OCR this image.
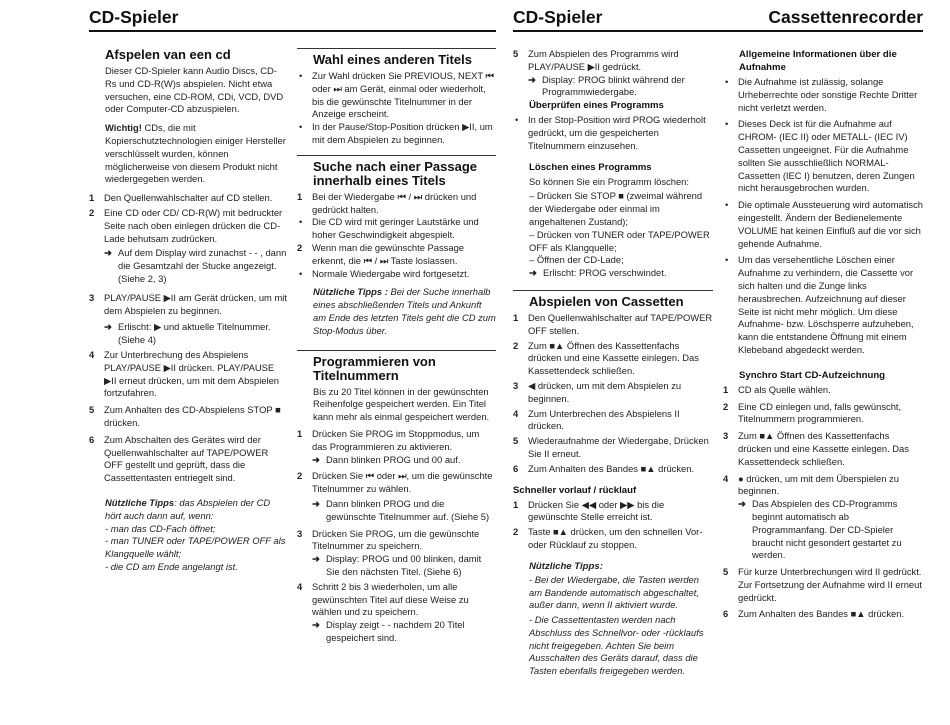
CD-Spieler	CD-Spieler	Cassettenrecorder
Afspelen van een cd

Dieser CD-Spieler kann Audio Discs, CD-Rs und CD-R(W)s abspielen. Nicht etwa versuchen, eine CD-ROM, CDi, VCD, DVD oder Computer-CD abzuspielen.

Wichtig! CDs, die mit Kopierschutztechnologien einiger Hersteller verschlüsselt wurden, können möglicherweise von diesem Produkt nicht wiedergegeben werden.

1 Den Quellenwahlschalter auf CD stellen.
2 Eine CD oder CD/ CD-R(W) mit bedruckter Seite nach oben einlegen drücken die CD-Lade behutsam zudrücken.
➜ Auf dem Display wird zunachst - - , dann die Gesamtzahl der Stucke angezeigt.(Siehe 2, 3)
3 PLAY/PAUSE ▶II am Gerät drücken, um mit dem Abspielen zu beginnen.
➜ Erlischt: ▶ und aktuelle Titelnummer.(Siehe 4)
4 Zur Unterbrechung des Abspielens PLAY/PAUSE ▶II drücken. PLAY/PAUSE ▶II erneut drücken, um mit dem Abspielen fortzufahren.
5 Zum Anhalten des CD-Abspielens STOP ■ drücken.
6 Zum Abschalten des Gerätes wird der Quellenwahlschalter auf TAPE/POWER OFF gestellt und geprüft, dass die Cassettentasten entriegelt sind.

Nützliche Tipps: das Abspielen der CD hört auch dann auf, wenn:

- man das CD-Fach öffnet;

- man TUNER oder TAPE/POWER OFF als Klangquelle wählt;

- die CD am Ende angelangt ist.

Wahl eines anderen Titels
• Zur Wahl drücken Sie PREVIOUS, NEXT ⏮ oder ⏭ am Gerät, einmal oder wiederholt, bis die gewünschte Titelnummer in der Anzeige erscheint.
• In der Pause/Stop-Position drücken ▶II, um mit dem Abspielen zu beginnen.
Suche nach einer Passage innerhalb eines Titels
1 Bei der Wiedergabe ⏮ / ⏭ drücken und gedrückt halten.
• Die CD wird mit geringer Lautstärke und hoher Geschwindigkeit abgespielt.
2 Wenn man die gewünschte Passage erkennt, die ⏮ / ⏭ Taste loslassen.
• Normale Wiedergabe wird fortgesetzt.

Nützliche Tipps : Bei der Suche innerhalb eines abschließenden Titels und Ankunft am Ende des letzten Titels geht die CD zum Stop-Modus über.

Programmieren von Titelnummern

Bis zu 20 Titel können in der gewünschten Reihenfolge gespeichert werden. Ein Titel kann mehr als einmal gespeichert werden.

1 Drücken Sie PROG im Stoppmodus, um das Programmieren zu aktivieren.
➜ Dann blinken PROG und 00 auf.
2 Drücken Sie ⏮ oder ⏭, um die gewünschte Titelnummer zu wählen.
➜ Dann blinken PROG und die gewünschte Titelnummer auf. (Siehe 5)
3 Drücken Sie PROG, um die gewünschte Titelnummer zu speichern.
➜ Display: PROG und 00 blinken, damit Sie den nächsten Titel. (Siehe 6)
4 Schritt 2 bis 3 wiederholen, um alle gewünschten Titel auf diese Weise zu wählen und zu speichern.
➜ Display zeigt - - nachdem 20 Titel gespeichert sind.
5 Zum Abspielen des Programms wird PLAY/PAUSE ▶II gedrückt.
➜ Display: PROG blinkt während der Programmwiedergabe.
Überprüfen eines Programms
• In der Stop-Position wird PROG wiederholt gedrückt, um die gespeicherten Titelnummern einzusehen.
Löschen eines Programms

So können Sie ein Programm löschen:

– Drücken Sie STOP ■ (zweimal während der Wiedergabe oder einmal im angehaltenen Zustand);

– Drücken von TUNER oder TAPE/POWER OFF als Klangquelle;

– Öffnen der CD-Lade;

➜ Erlischt: PROG verschwindet.
Abspielen von Cassetten
1 Den Quellenwahlschalter auf TAPE/POWER OFF stellen.
2 Zum ■▲ Öffnen des Kassettenfachs drücken und eine Kassette einlegen. Das Kassettendeck schließen.
3 ◀ drücken, um mit dem Abspielen zu beginnen.
4 Zum Unterbrechen des Abspielens II drücken.
5 Wiederaufnahme der Wiedergabe, Drücken Sie II erneut.
6 Zum Anhalten des Bandes ■▲ drücken.
Schneller vorlauf / rücklauf
1 Drücken Sie ◀◀ oder ▶▶ bis die gewünschte Stelle erreicht ist.
2 Taste ■▲ drücken, um den schnellen Vor- oder Rücklauf zu stoppen.
Nützliche Tipps:

- Bei der Wiedergabe, die Tasten werden am Bandende automatisch abgeschaltet, außer dann, wenn II aktiviert wurde.

- Die Cassettentasten werden nach Abschluss des Schnellvor- oder -rücklaufs nicht freigegeben. Achten Sie beim Ausschalten des Geräts darauf, dass die Tasten ebenfalls freigegeben werden.

Allgemeine Informationen über die Aufnahme
• Die Aufnahme ist zulässig, solange Urheberrechte oder sonstige Rechte Dritter nicht verletzt werden.
• Dieses Deck ist für die Aufnahme auf CHROM- (IEC II) oder METALL- (IEC IV) Cassetten ungeeignet. Für die Aufnahme sollten Sie ausschließlich NORMAL-Cassetten (IEC I) benutzen, deren Zungen nicht herausgebrochen wurden.
• Die optimale Aussteuerung wird automatisch eingestellt. Ändern der Bedienelemente VOLUME hat keinen Einfluß auf die vor sich gehende Aufnahme.
• Um das versehentliche Löschen einer Aufnahme zu verhindern, die Cassette vor sich halten und die Zunge links herausbrechen. Aufzeichnung auf dieser Seite ist nicht mehr möglich. Um diese Aufnahme- bzw. Löschsperre aufzuheben, kann die entstandene Öffnung mit einem Klebeband abgedeckt werden.
Synchro Start CD-Aufzeichnung
1 CD als Quelle wählen.
2 Eine CD einlegen und, falls gewünscht, Titelnummern programmieren.
3 Zum ■▲ Öffnen des Kassettenfachs drücken und eine Kassette einlegen. Das Kassettendeck schließen.
4 ● drücken, um mit dem Überspielen zu beginnen.
➜ Das Abspielen des CD-Programms beginnt automatisch ab Programmanfang. Der CD-Spieler braucht nicht gesondert gestartet zu werden.
5 Für kurze Unterbrechungen wird II gedrückt. Zur Fortsetzung der Aufnahme wird II erneut gedrückt.
6 Zum Anhalten des Bandes ■▲ drücken.
